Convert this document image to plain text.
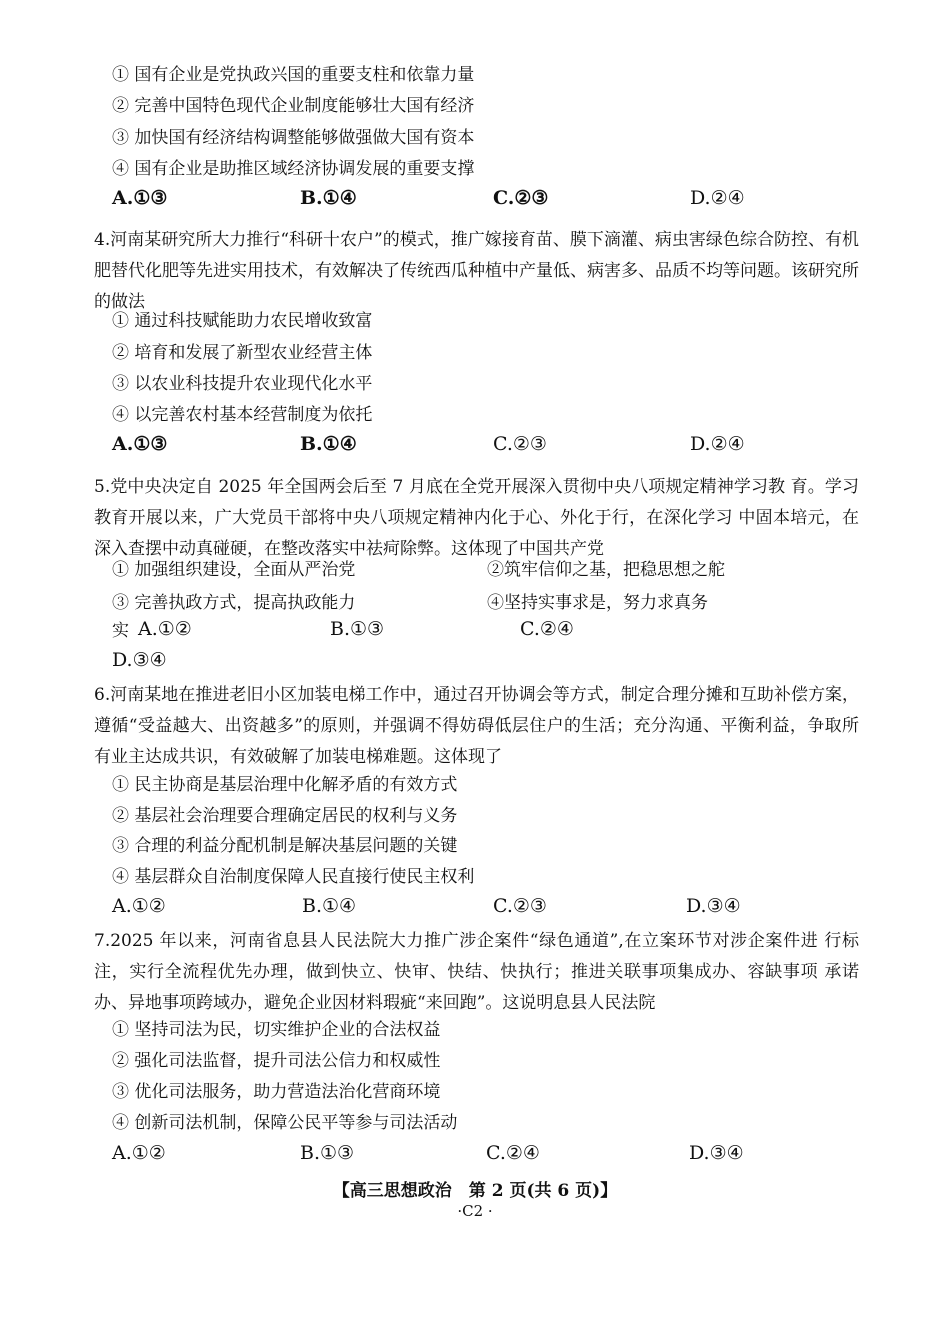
① 国有企业是党执政兴国的重要支柱和依靠力量
② 完善中国特色现代企业制度能够壮大国有经济
③ 加快国有经济结构调整能够做强做大国有资本
④ 国有企业是助推区域经济协调发展的重要支撑
A.①③	B.①④	C.②③	D.②④
4.河南某研究所大力推行“科研十农户”的模式，推广嫁接育苗、膜下滴灌、病虫害绿色综合防控、有机肥替代化肥等先进实用技术，有效解决了传统西瓜种植中产量低、病害多、品质不均等问题。该研究所的做法
① 通过科技赋能助力农民增收致富
② 培育和发展了新型农业经营主体
③ 以农业科技提升农业现代化水平
④ 以完善农村基本经营制度为依托
A.①③	B.①④	C.②③	D.②④
5.党中央决定自 2025 年全国两会后至 7 月底在全党开展深入贯彻中央八项规定精神学习教 育。学习教育开展以来，广大党员干部将中央八项规定精神内化于心、外化于行，在深化学习 中固本培元，在深入查摆中动真碰硬，在整改落实中祛疴除弊。这体现了中国共产党
① 加强组织建设，全面从严治党	②筑牢信仰之基，把稳思想之舵
③ 完善执政方式，提高执政能力	④坚持实事求是，努力求真务
实 A.①②	B.①③	C.②④
D.③④
6.河南某地在推进老旧小区加装电梯工作中，通过召开协调会等方式，制定合理分摊和互助补偿方案，遵循“受益越大、出资越多”的原则，并强调不得妨碍低层住户的生活；充分沟通、平衡利益，争取所有业主达成共识，有效破解了加装电梯难题。这体现了
① 民主协商是基层治理中化解矛盾的有效方式
② 基层社会治理要合理确定居民的权利与义务
③ 合理的利益分配机制是解决基层问题的关键
④ 基层群众自治制度保障人民直接行使民主权利
A.①②	B.①④	C.②③	D.③④
7.2025 年以来，河南省息县人民法院大力推广涉企案件“绿色通道”,在立案环节对涉企案件进 行标注，实行全流程优先办理，做到快立、快审、快结、快执行；推进关联事项集成办、容缺事项 承诺办、异地事项跨域办，避免企业因材料瑕疵“来回跑”。这说明息县人民法院
① 坚持司法为民，切实维护企业的合法权益
② 强化司法监督，提升司法公信力和权威性
③ 优化司法服务，助力营造法治化营商环境
④ 创新司法机制，保障公民平等参与司法活动
A.①②	B.①③	C.②④	D.③④
【高三思想政治　第 2 页(共 6 页)】
·C2 ·
